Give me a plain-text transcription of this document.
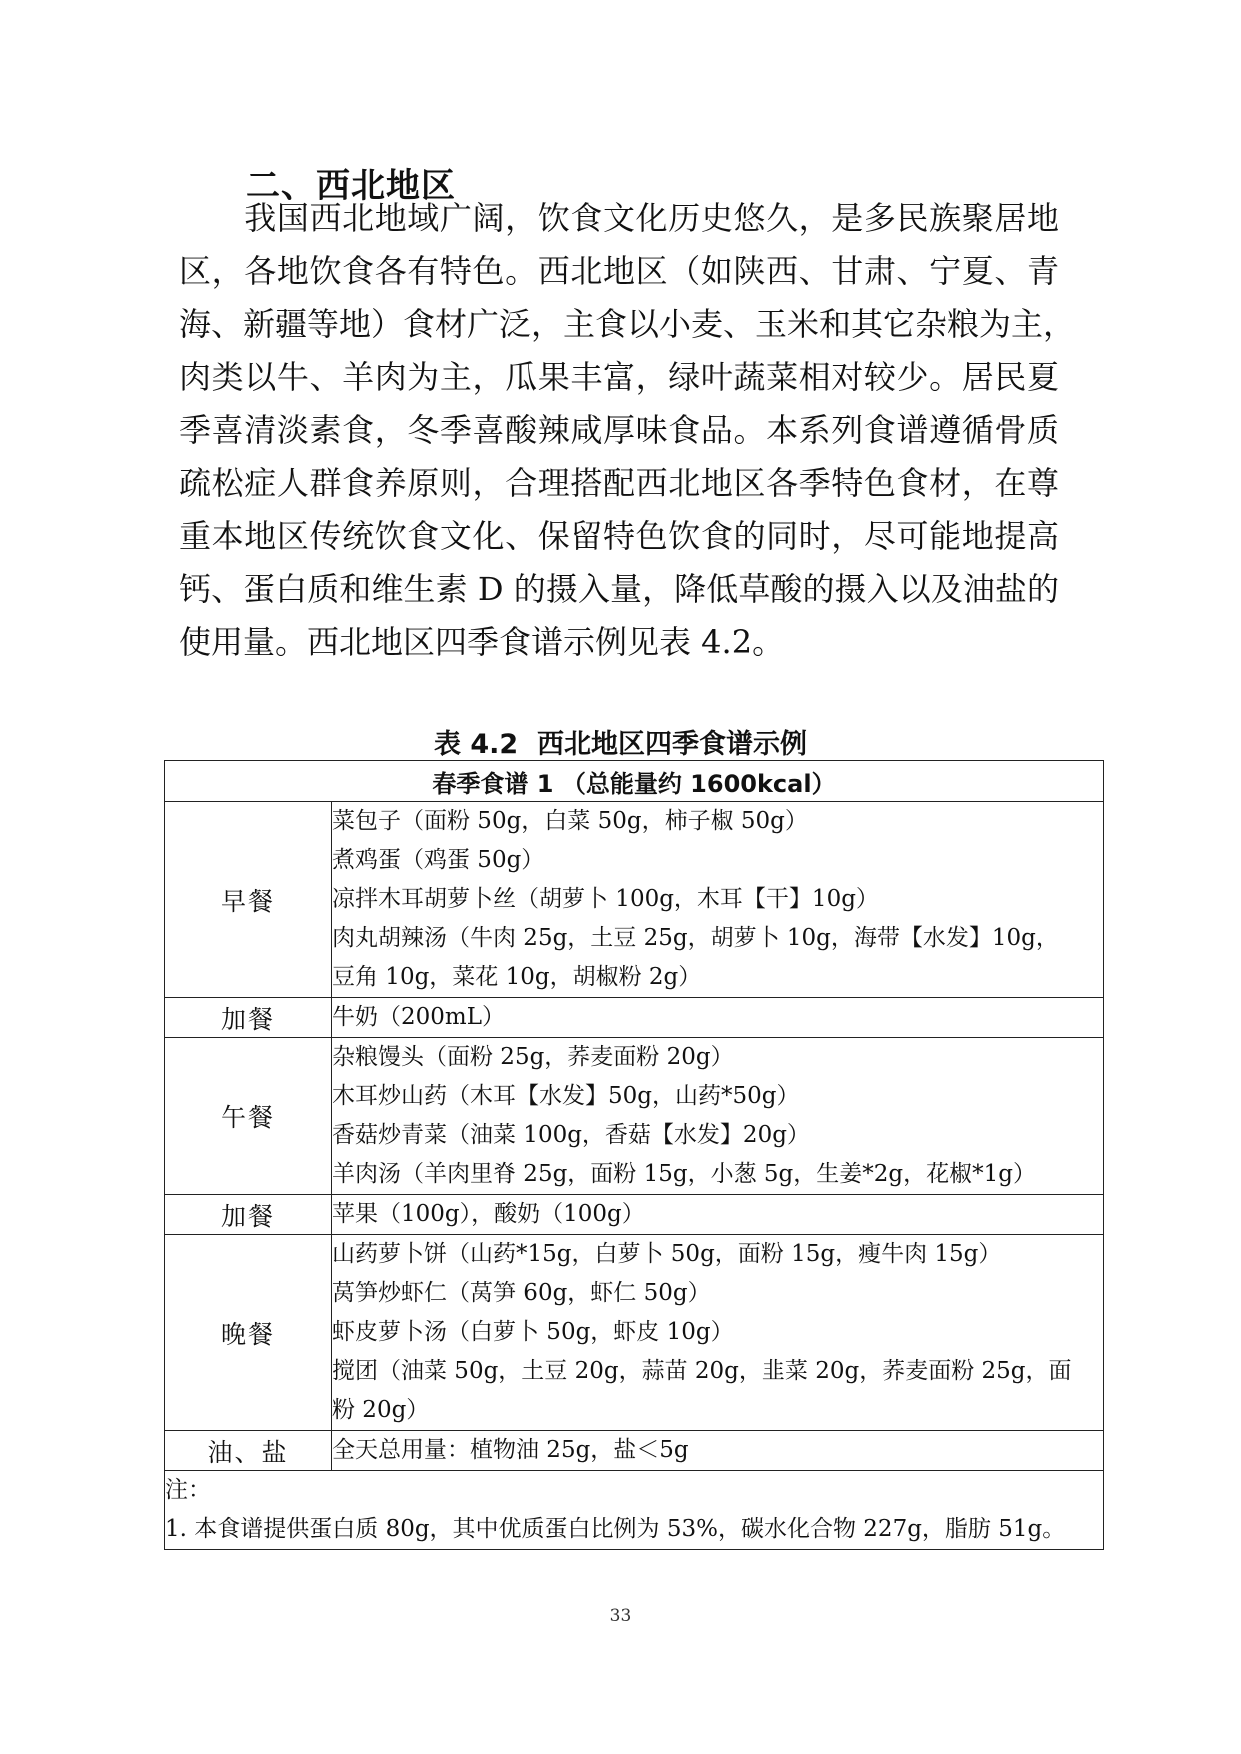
二、西北地区

　　我国西北地域广阔，饮食文化历史悠久，是多民族聚居地

区，各地饮食各有特色。西北地区（如陕西、甘肃、宁夏、青

海、新疆等地）食材广泛，主食以小麦、玉米和其它杂粮为主，

肉类以牛、羊肉为主，瓜果丰富，绿叶蔬菜相对较少。居民夏

季喜清淡素食，冬季喜酸辣咸厚味食品。本系列食谱遵循骨质

疏松症人群食养原则，合理搭配西北地区各季特色食材，在尊

重本地区传统饮食文化、保留特色饮食的同时，尽可能地提高

钙、蛋白质和维生素 D 的摄入量，降低草酸的摄入以及油盐的

使用量。西北地区四季食谱示例见表 4.2。

表 4.2  西北地区四季食谱示例
春季食谱 1 （总能量约 1600kcal）	
早餐	菜包子（面粉 50g，白菜 50g，柿子椒 50g）
煮鸡蛋（鸡蛋 50g）
凉拌木耳胡萝卜丝（胡萝卜 100g，木耳【干】10g）
肉丸胡辣汤（牛肉 25g，土豆 25g，胡萝卜 10g，海带【水发】10g，
豆角 10g，菜花 10g，胡椒粉 2g）

加餐	牛奶（200mL）

午餐	杂粮馒头（面粉 25g，荞麦面粉 20g）
木耳炒山药（木耳【水发】50g，山药*50g）
香菇炒青菜（油菜 100g，香菇【水发】20g）
羊肉汤（羊肉里脊 25g，面粉 15g，小葱 5g，生姜*2g，花椒*1g）

加餐	苹果（100g），酸奶（100g）

晚餐	山药萝卜饼（山药*15g，白萝卜 50g，面粉 15g，瘦牛肉 15g）
莴笋炒虾仁（莴笋 60g，虾仁 50g）
虾皮萝卜汤（白萝卜 50g，虾皮 10g）
搅团（油菜 50g，土豆 20g，蒜苗 20g，韭菜 20g，荞麦面粉 25g，面
粉 20g）

油、盐	全天总用量：植物油 25g，盐＜5g

注：
1. 本食谱提供蛋白质 80g，其中优质蛋白比例为 53%，碳水化合物 227g，脂肪 51g。	
33
